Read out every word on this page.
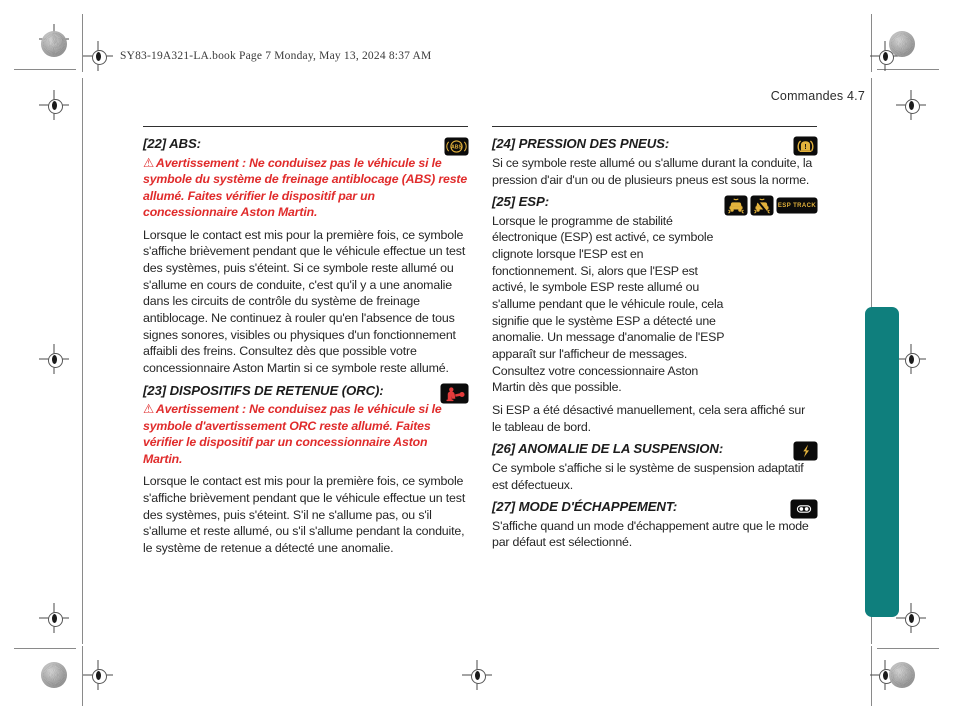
SY83-19A321-LA.book Page 7 Monday, May 13, 2024 8:37 AM
Commandes 4.7
ABS
[22] ABS:
⚠ Avertissement : Ne conduisez pas le véhicule si le symbole du système de freinage antiblocage (ABS) reste allumé. Faites vérifier le dispositif par un concessionnaire Aston Martin.

Lorsque le contact est mis pour la première fois, ce symbole s'affiche brièvement pendant que le véhicule effectue un test des systèmes, puis s'éteint. Si ce symbole reste allumé ou s'allume en cours de conduite, c'est qu'il y a une anomalie dans les circuits de contrôle du système de freinage antiblocage. Ne continuez à rouler qu'en l'absence de tous signes sonores, visibles ou physiques d'un fonctionnement affaibli des freins. Consultez dès que possible votre concessionnaire Aston Martin si ce symbole reste allumé.

[23] DISPOSITIFS DE RETENUE (ORC):
⚠ Avertissement : Ne conduisez pas le véhicule si le symbole d'avertissement ORC reste allumé. Faites vérifier le dispositif par un concessionnaire Aston Martin.

Lorsque le contact est mis pour la première fois, ce symbole s'affiche brièvement pendant que le véhicule effectue un test des systèmes, puis s'éteint. S'il ne s'allume pas, ou s'il s'allume et reste allumé, ou s'il s'allume pendant la conduite, le système de retenue a détecté une anomalie.

!
[24] PRESSION DES PNEUS:

Si ce symbole reste allumé ou s'allume durant la conduite, la pression d'air d'un ou de plusieurs pneus est sous la norme.

ESP TRACK
[25] ESP:

Lorsque le programme de stabilité électronique (ESP) est activé, ce symbole clignote lorsque l'ESP est en fonctionnement. Si, alors que l'ESP est activé, le symbole ESP reste allumé ou s'allume pendant que le véhicule roule, cela signifie que le système ESP a détecté une anomalie. Un message d'anomalie de l'ESP apparaît sur l'afficheur de messages. Consultez votre concessionnaire Aston Martin dès que possible.

Si ESP a été désactivé manuellement, cela sera affiché sur le tableau de bord.

[26] ANOMALIE DE LA SUSPENSION:

Ce symbole s'affiche si le système de suspension adaptatif est défectueux.

[27] MODE D'ÉCHAPPEMENT:

S'affiche quand un mode d'échappement autre que le mode par défaut est sélectionné.
